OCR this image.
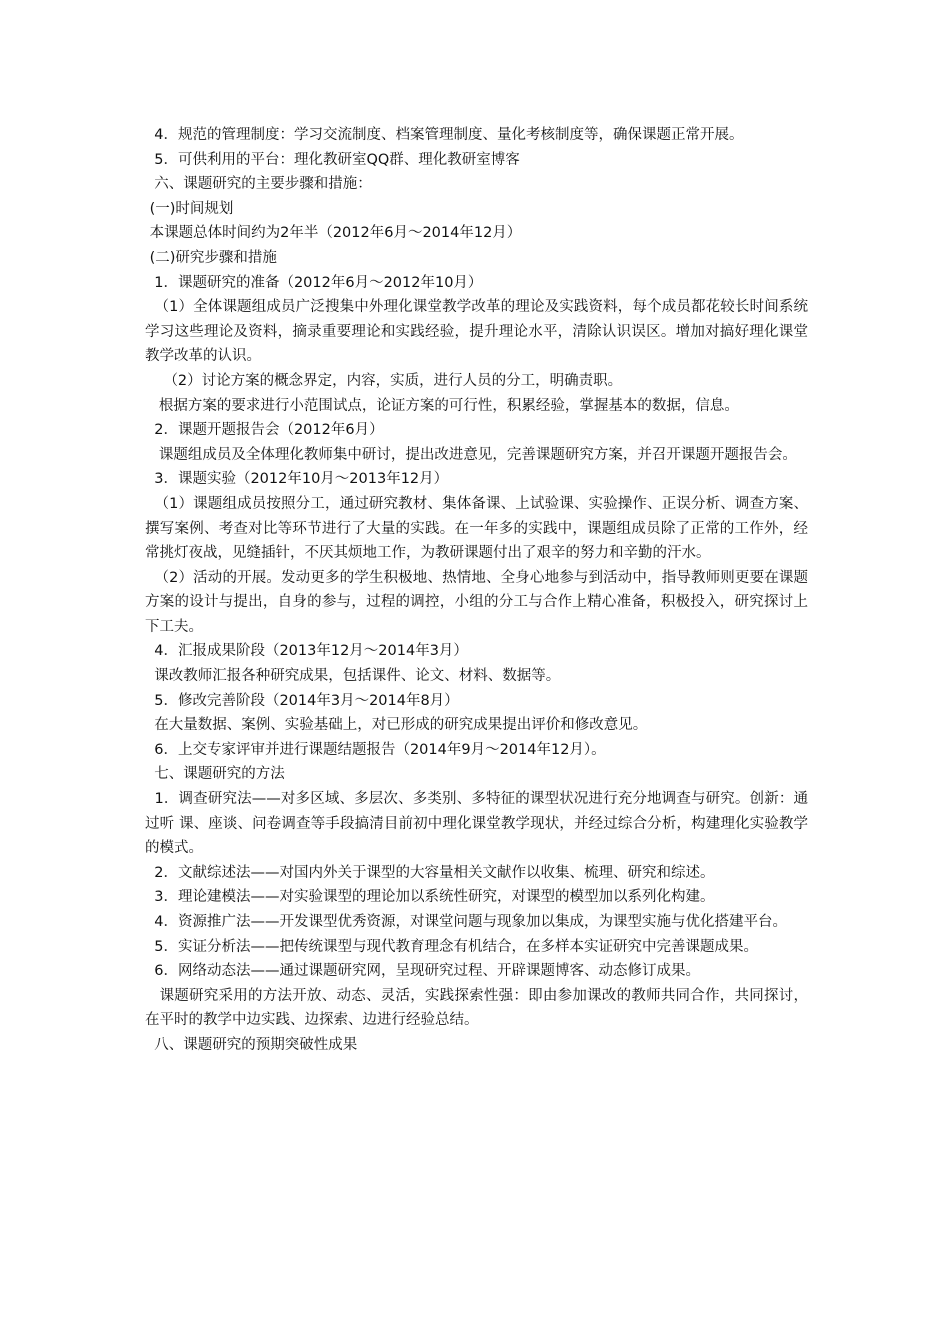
4．规范的管理制度：学习交流制度、档案管理制度、量化考核制度等，确保课题正常开展。

5．可供利用的平台：理化教研室QQ群、理化教研室博客

六、课题研究的主要步骤和措施：

(一)时间规划

本课题总体时间约为2年半（2012年6月～2014年12月）

(二)研究步骤和措施

1．课题研究的准备（2012年6月～2012年10月）

（1）全体课题组成员广泛搜集中外理化课堂教学改革的理论及实践资料，每个成员都花较长时间系统学习这些理论及资料，摘录重要理论和实践经验，提升理论水平，清除认识误区。增加对搞好理化课堂教学改革的认识。

（2）讨论方案的概念界定，内容，实质，进行人员的分工，明确责职。

根据方案的要求进行小范围试点，论证方案的可行性，积累经验，掌握基本的数据，信息。

2．课题开题报告会（2012年6月）

课题组成员及全体理化教师集中研讨，提出改进意见，完善课题研究方案，并召开课题开题报告会。

3．课题实验（2012年10月～2013年12月）

（1）课题组成员按照分工，通过研究教材、集体备课、上试验课、实验操作、正误分析、调查方案、撰写案例、考查对比等环节进行了大量的实践。在一年多的实践中，课题组成员除了正常的工作外，经常挑灯夜战，见缝插针，不厌其烦地工作，为教研课题付出了艰辛的努力和辛勤的汗水。

（2）活动的开展。发动更多的学生积极地、热情地、全身心地参与到活动中，指导教师则更要在课题方案的设计与提出，自身的参与，过程的调控，小组的分工与合作上精心准备，积极投入，研究探讨上下工夫。

4．汇报成果阶段（2013年12月～2014年3月）

课改教师汇报各种研究成果，包括课件、论文、材料、数据等。

5．修改完善阶段（2014年3月～2014年8月）

在大量数据、案例、实验基础上，对已形成的研究成果提出评价和修改意见。

6．上交专家评审并进行课题结题报告（2014年9月～2014年12月）。

七、课题研究的方法

1．调查研究法——对多区域、多层次、多类别、多特征的课型状况进行充分地调查与研究。创新：通过听 课、座谈、问卷调查等手段搞清目前初中理化课堂教学现状，并经过综合分析，构建理化实验教学的模式。

2．文献综述法——对国内外关于课型的大容量相关文献作以收集、梳理、研究和综述。

3．理论建模法——对实验课型的理论加以系统性研究，对课型的模型加以系列化构建。

4．资源推广法——开发课型优秀资源，对课堂问题与现象加以集成，为课型实施与优化搭建平台。

5．实证分析法——把传统课型与现代教育理念有机结合，在多样本实证研究中完善课题成果。

6．网络动态法——通过课题研究网，呈现研究过程、开辟课题博客、动态修订成果。

课题研究采用的方法开放、动态、灵活，实践探索性强：即由参加课改的教师共同合作，共同探讨，在平时的教学中边实践、边探索、边进行经验总结。

八、课题研究的预期突破性成果
